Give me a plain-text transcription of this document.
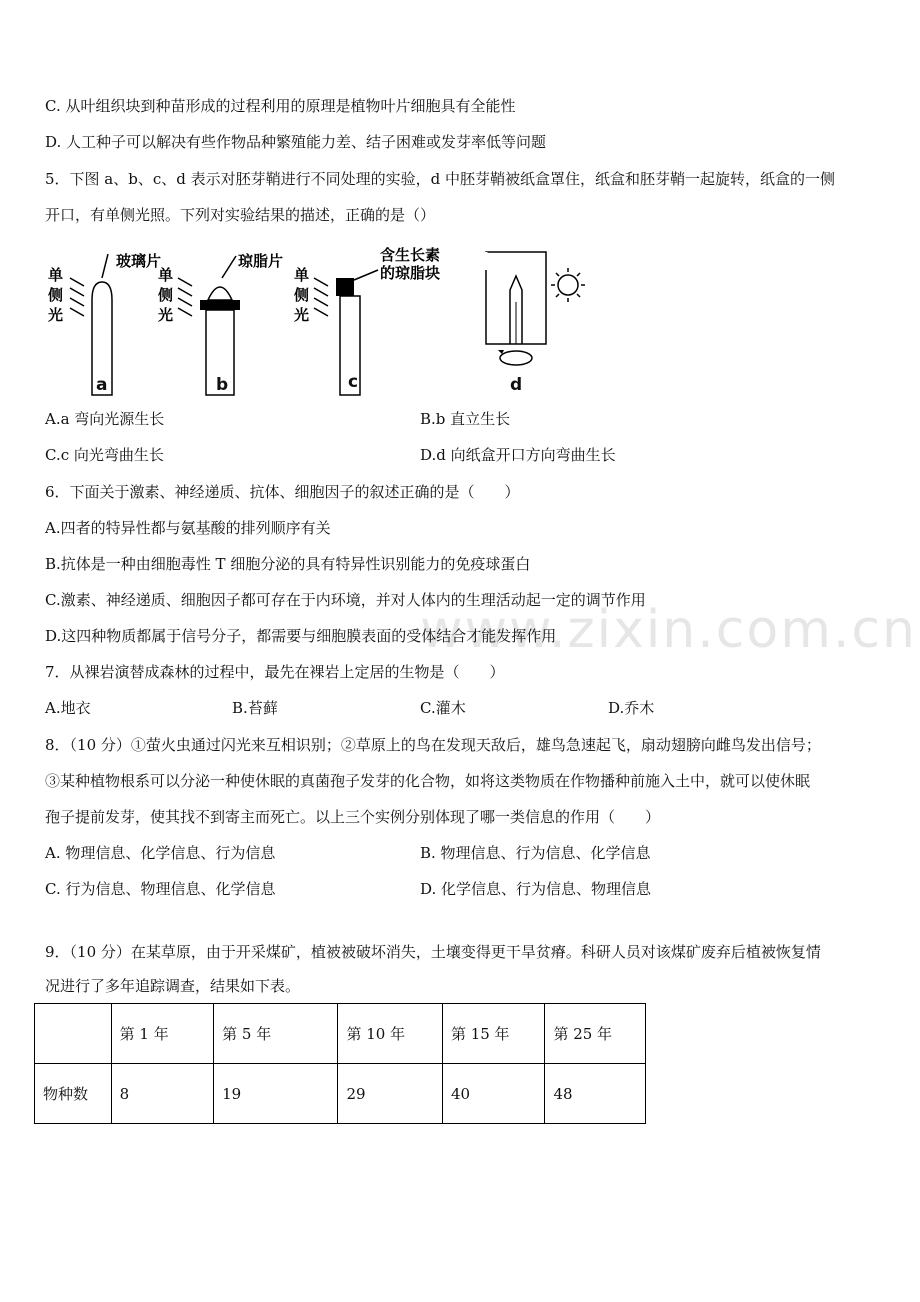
www.zixin.com.cn
C. 从叶组织块到种苗形成的过程利用的原理是植物叶片细胞具有全能性
D. 人工种子可以解决有些作物品种繁殖能力差、结子困难或发芽率低等问题
5．下图 a、b、c、d 表示对胚芽鞘进行不同处理的实验，d 中胚芽鞘被纸盒罩住，纸盒和胚芽鞘一起旋转，纸盒的一侧
开口，有单侧光照。下列对实验结果的描述，正确的是（）
单
侧
光
玻璃片
单
侧
光
琼脂片
单
侧
光
含生长素
的琼脂块
a	b	c	d
A.a 弯向光源生长	B.b 直立生长
C.c 向光弯曲生长	D.d 向纸盒开口方向弯曲生长
6．下面关于激素、神经递质、抗体、细胞因子的叙述正确的是（　　）
A.四者的特异性都与氨基酸的排列顺序有关
B.抗体是一种由细胞毒性 T 细胞分泌的具有特异性识别能力的免疫球蛋白
C.激素、神经递质、细胞因子都可存在于内环境，并对人体内的生理活动起一定的调节作用
D.这四种物质都属于信号分子，都需要与细胞膜表面的受体结合才能发挥作用
7．从裸岩演替成森林的过程中，最先在裸岩上定居的生物是（　　）
A.地衣	B.苔藓	C.灌木	D.乔木
8．（10 分）①萤火虫通过闪光来互相识别；②草原上的鸟在发现天敌后，雄鸟急速起飞，扇动翅膀向雌鸟发出信号；
③某种植物根系可以分泌一种使休眠的真菌孢子发芽的化合物，如将这类物质在作物播种前施入土中，就可以使休眠
孢子提前发芽，使其找不到寄主而死亡。以上三个实例分别体现了哪一类信息的作用（　　）
A. 物理信息、化学信息、行为信息	B. 物理信息、行为信息、化学信息
C. 行为信息、物理信息、化学信息	D. 化学信息、行为信息、物理信息
9．（10 分）在某草原，由于开采煤矿，植被被破坏消失，土壤变得更干旱贫瘠。科研人员对该煤矿废弃后植被恢复情
况进行了多年追踪调查，结果如下表。
	第 1 年	第 5 年	第 10 年	第 15 年	第 25 年
物种数	8	19	29	40	48
